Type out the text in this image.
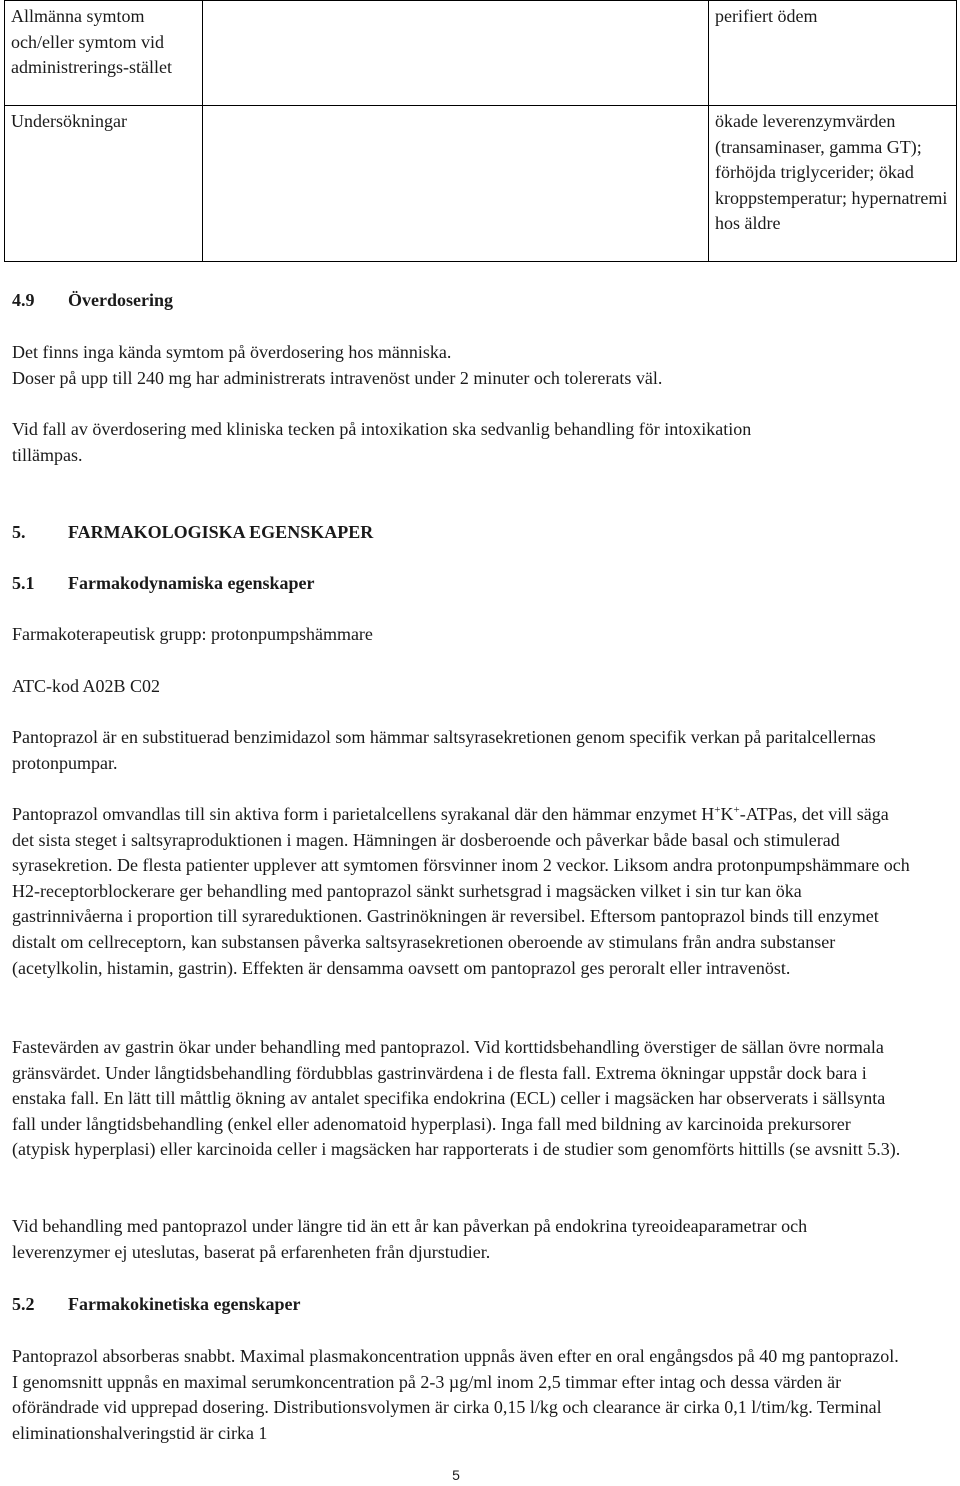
Allmänna symtom och/eller symtom vid administrerings-stället		perifiert ödem
Undersökningar		ökade leverenzymvärden (transaminaser, gamma GT); förhöjda triglycerider; ökad kroppstemperatur; hypernatremi hos äldre
4.9 Överdosering
Det finns inga kända symtom på överdosering hos människa.
Doser på upp till 240 mg har administrerats intravenöst under 2 minuter och tolererats väl.

Vid fall av överdosering med kliniska tecken på intoxikation ska sedvanlig behandling för intoxikation tillämpas.

5. FARMAKOLOGISKA EGENSKAPER
5.1 Farmakodynamiska egenskaper

Farmakoterapeutisk grupp: protonpumpshämmare

ATC-kod A02B C02

Pantoprazol är en substituerad benzimidazol som hämmar saltsyrasekretionen genom specifik verkan på paritalcellernas protonpumpar.

Pantoprazol omvandlas till sin aktiva form i parietalcellens syrakanal där den hämmar enzymet H+K+-ATPas, det vill säga det sista steget i saltsyraproduktionen i magen. Hämningen är dosberoende och påverkar både basal och stimulerad syrasekretion. De flesta patienter upplever att symtomen försvinner inom 2 veckor. Liksom andra protonpumpshämmare och H2-receptorblockerare ger behandling med pantoprazol sänkt surhetsgrad i magsäcken vilket i sin tur kan öka gastrinnivåerna i proportion till syrareduktionen. Gastrinökningen är reversibel. Eftersom pantoprazol binds till enzymet distalt om cellreceptorn, kan substansen påverka saltsyrasekretionen oberoende av stimulans från andra substanser (acetylkolin, histamin, gastrin). Effekten är densamma oavsett om pantoprazol ges peroralt eller intravenöst.

Fastevärden av gastrin ökar under behandling med pantoprazol. Vid korttidsbehandling överstiger de sällan övre normala gränsvärdet. Under långtidsbehandling fördubblas gastrinvärdena i de flesta fall. Extrema ökningar uppstår dock bara i enstaka fall. En lätt till måttlig ökning av antalet specifika endokrina (ECL) celler i magsäcken har observerats i sällsynta fall under långtidsbehandling (enkel eller adenomatoid hyperplasi). Inga fall med bildning av karcinoida prekursorer (atypisk hyperplasi) eller karcinoida celler i magsäcken har rapporterats i de studier som genomförts hittills (se avsnitt 5.3).

Vid behandling med pantoprazol under längre tid än ett år kan påverkan på endokrina tyreoideaparametrar och leverenzymer ej uteslutas, baserat på erfarenheten från djurstudier.

5.2 Farmakokinetiska egenskaper

Pantoprazol absorberas snabbt. Maximal plasmakoncentration uppnås även efter en oral engångsdos på 40 mg pantoprazol. I genomsnitt uppnås en maximal serumkoncentration på 2-3 µg/ml inom 2,5 timmar efter intag och dessa värden är oförändrade vid upprepad dosering. Distributionsvolymen är cirka 0,15 l/kg och clearance är cirka 0,1 l/tim/kg. Terminal eliminationshalveringstid är cirka 1

5
